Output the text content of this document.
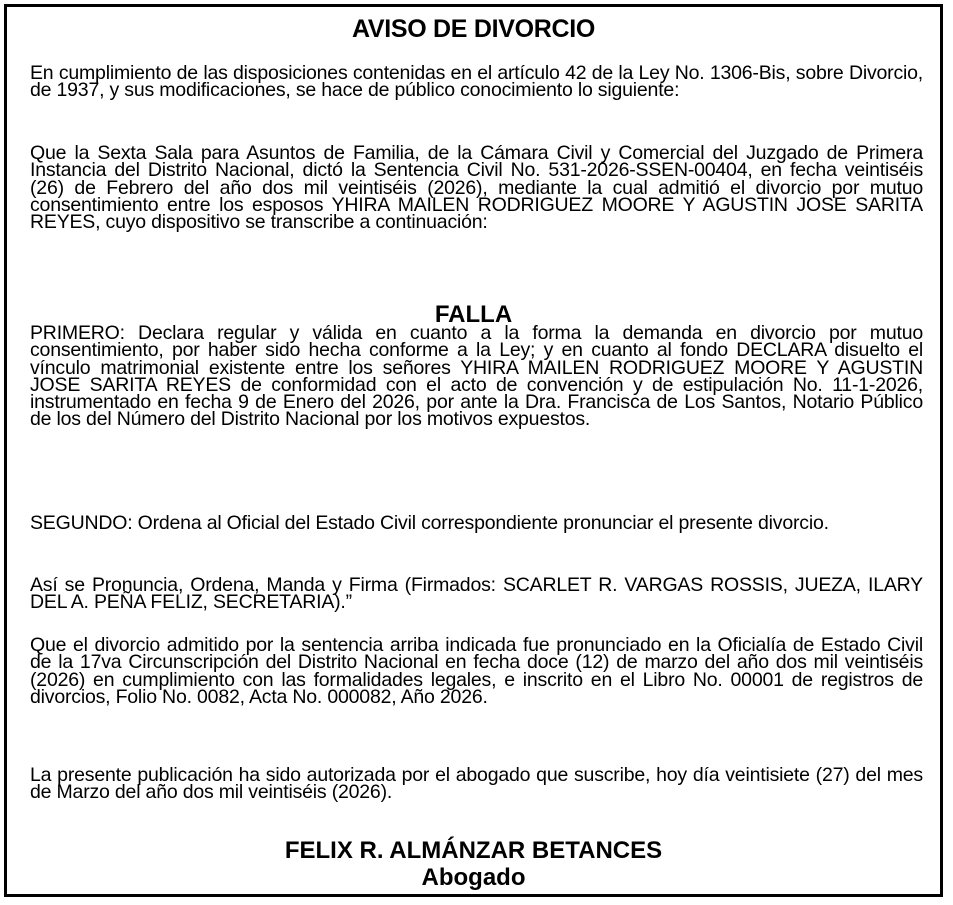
AVISO DE DIVORCIO
En cumplimiento de las disposiciones contenidas en el artículo 42 de la Ley No. 1306-Bis, sobre Divorcio, de 1937, y sus modificaciones, se hace de público conocimiento lo siguiente:
Que la Sexta Sala para Asuntos de Familia, de la Cámara Civil y Comercial del Juzgado de Primera Instancia del Distrito Nacional, dictó la Sentencia Civil No. 531-2026-SSEN-00404, en fecha veintiséis (26) de Febrero del año dos mil veintiséis (2026), mediante la cual admitió el divorcio por mutuo consentimiento entre los esposos YHIRA MAILEN RODRIGUEZ MOORE Y AGUSTIN JOSE SARITA REYES, cuyo dispositivo se transcribe a continuación:
FALLA
PRIMERO: Declara regular y válida en cuanto a la forma la demanda en divorcio por mutuo consentimiento, por haber sido hecha conforme a la Ley; y en cuanto al fondo DECLARA disuelto el vínculo matrimonial existente entre los señores YHIRA MAILEN RODRIGUEZ MOORE Y AGUSTIN JOSE SARITA REYES de conformidad con el acto de convención y de estipulación No. 11-1-2026, instrumentado en fecha 9 de Enero del 2026, por ante la Dra. Francisca de Los Santos, Notario Público de los del Número del Distrito Nacional por los motivos expuestos.
SEGUNDO: Ordena al Oficial del Estado Civil correspondiente pronunciar el presente divorcio.
Así se Pronuncia, Ordena, Manda y Firma (Firmados: SCARLET R. VARGAS ROSSIS, JUEZA, ILARY DEL A. PEÑA FELIZ, SECRETARIA).”
Que el divorcio admitido por la sentencia arriba indicada fue pronunciado en la Oficialía de Estado Civil de la 17va Circunscripción del Distrito Nacional en fecha doce (12) de marzo del año dos mil veintiséis (2026) en cumplimiento con las formalidades legales, e inscrito en el Libro No. 00001 de registros de divorcios, Folio No. 0082, Acta No. 000082, Año 2026.
La presente publicación ha sido autorizada por el abogado que suscribe, hoy día veintisiete (27) del mes de Marzo del año dos mil veintiséis (2026).
FELIX R. ALMÁNZAR BETANCES
Abogado
